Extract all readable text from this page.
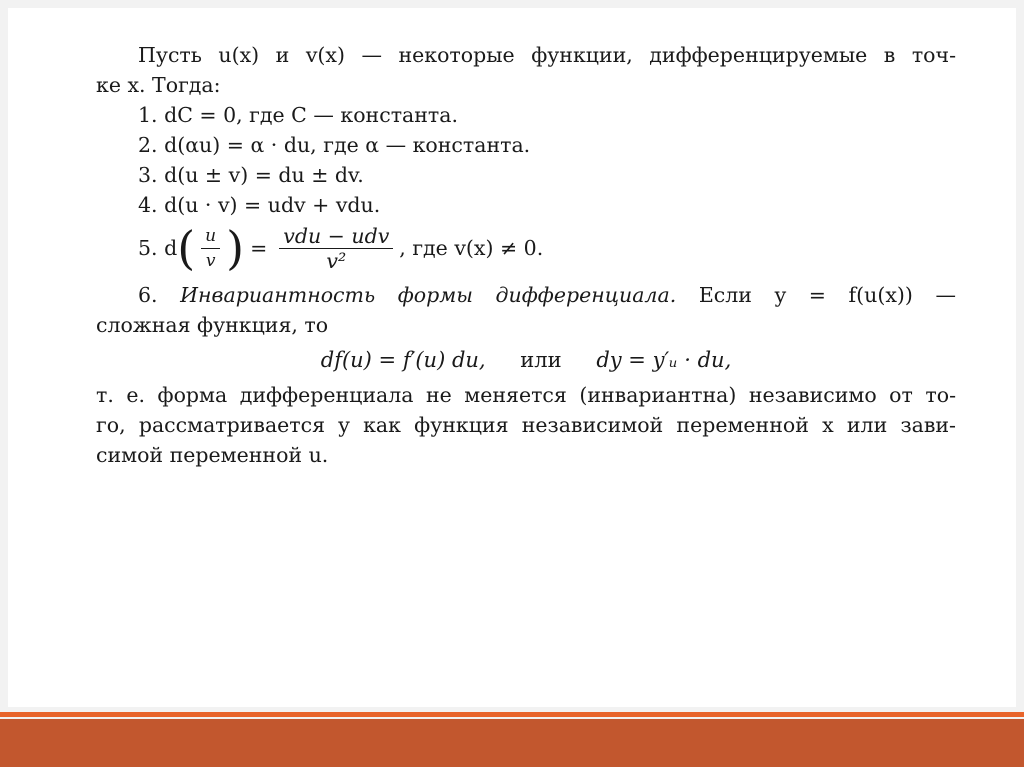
Пусть u(x) и v(x) — некоторые функции, дифференцируемые в точ-
ке x. Тогда:
1. dC = 0, где C — константа.
2. d(αu) = α · du, где α — константа.
3. d(u ± v) = du ± dv.
4. d(u · v) = udv + vdu.
5. d ( $\frac{u}{v}$ ) = $\frac{\text{vdu − udv}}{\text{v²}}$ , где v(x) ≠ 0.
6. Инвариантность формы дифференциала. Если y = f(u(x)) —
сложная функция, то
df(u) = f′(u) du, или dy = y′ᵤ · du,
т. е. форма дифференциала не меняется (инвариантна) независимо от то-
го, рассматривается y как функция независимой переменной x или зави-
симой переменной u.
